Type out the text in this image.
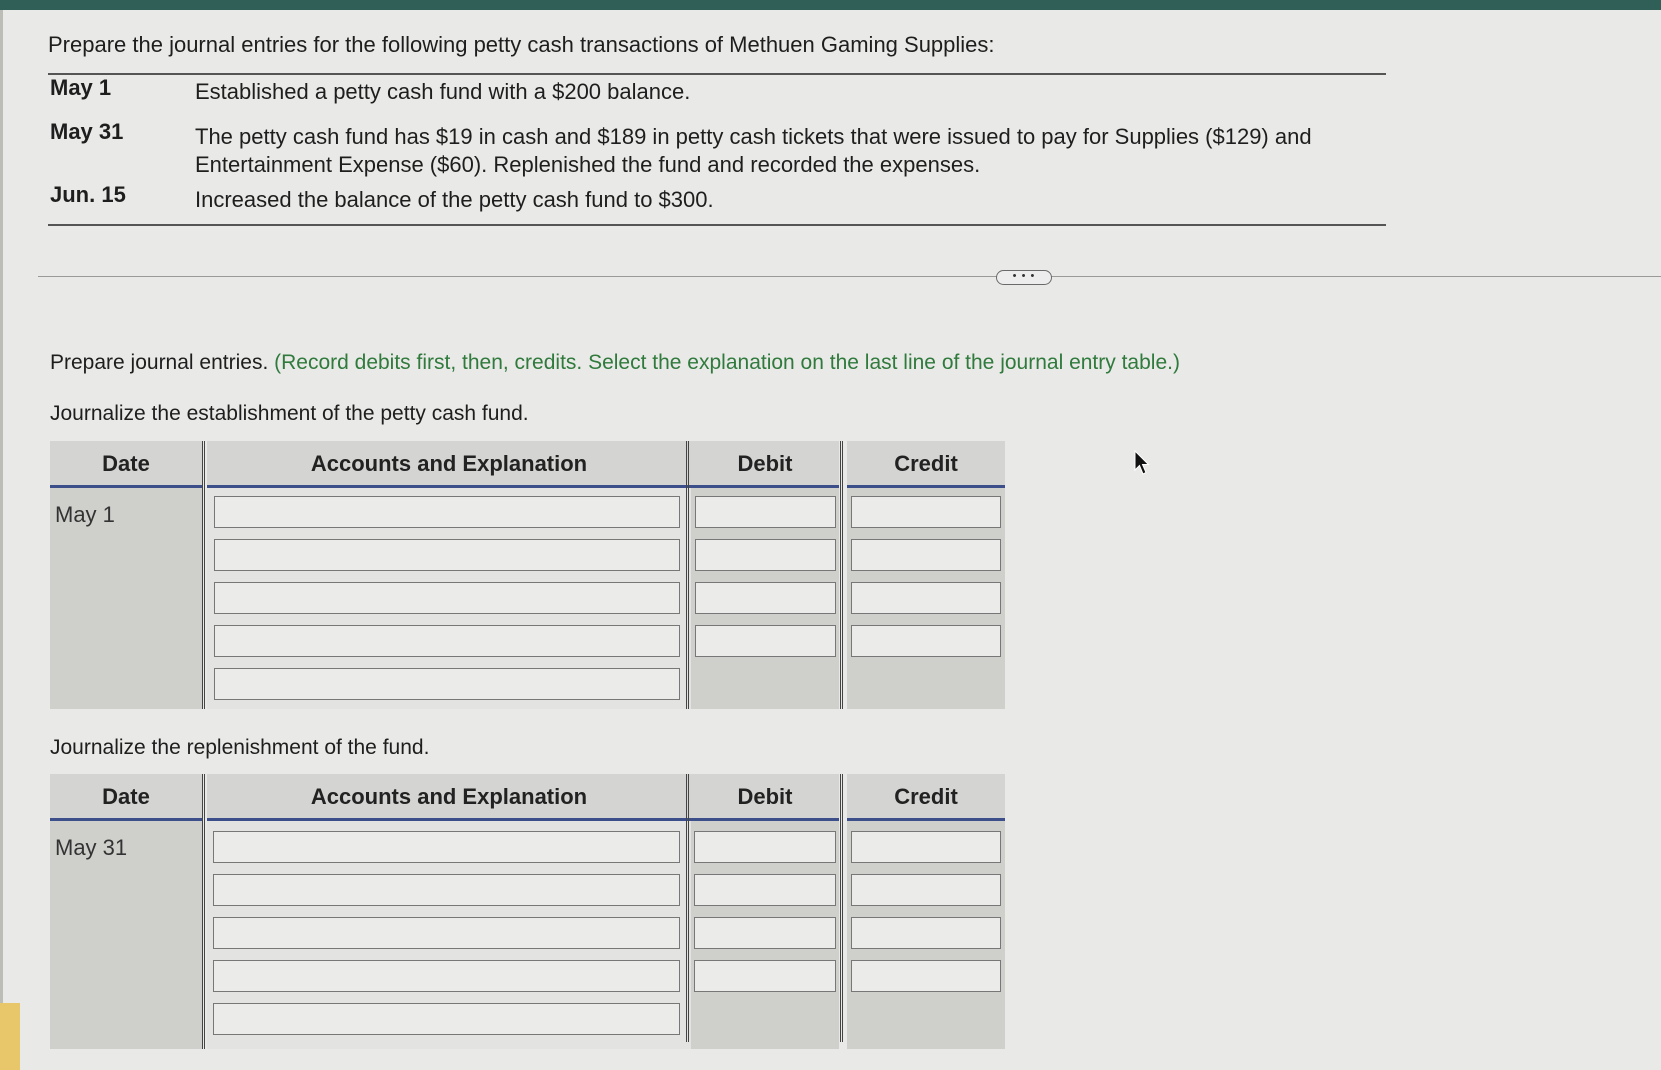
Prepare the journal entries for the following petty cash transactions of Methuen Gaming Supplies:
May 1	Established a petty cash fund with a $200 balance.
May 31	The petty cash fund has $19 in cash and $189 in petty cash tickets that were issued to pay for Supplies ($129) and Entertainment Expense ($60). Replenished the fund and recorded the expenses.
Jun. 15	Increased the balance of the petty cash fund to $300.
• • •
Prepare journal entries. (Record debits first, then, credits. Select the explanation on the last line of the journal entry table.)
Journalize the establishment of the petty cash fund.
Date	Accounts and Explanation	Debit	Credit
May 1
Journalize the replenishment of the fund.
Date	Accounts and Explanation	Debit	Credit
May 31
